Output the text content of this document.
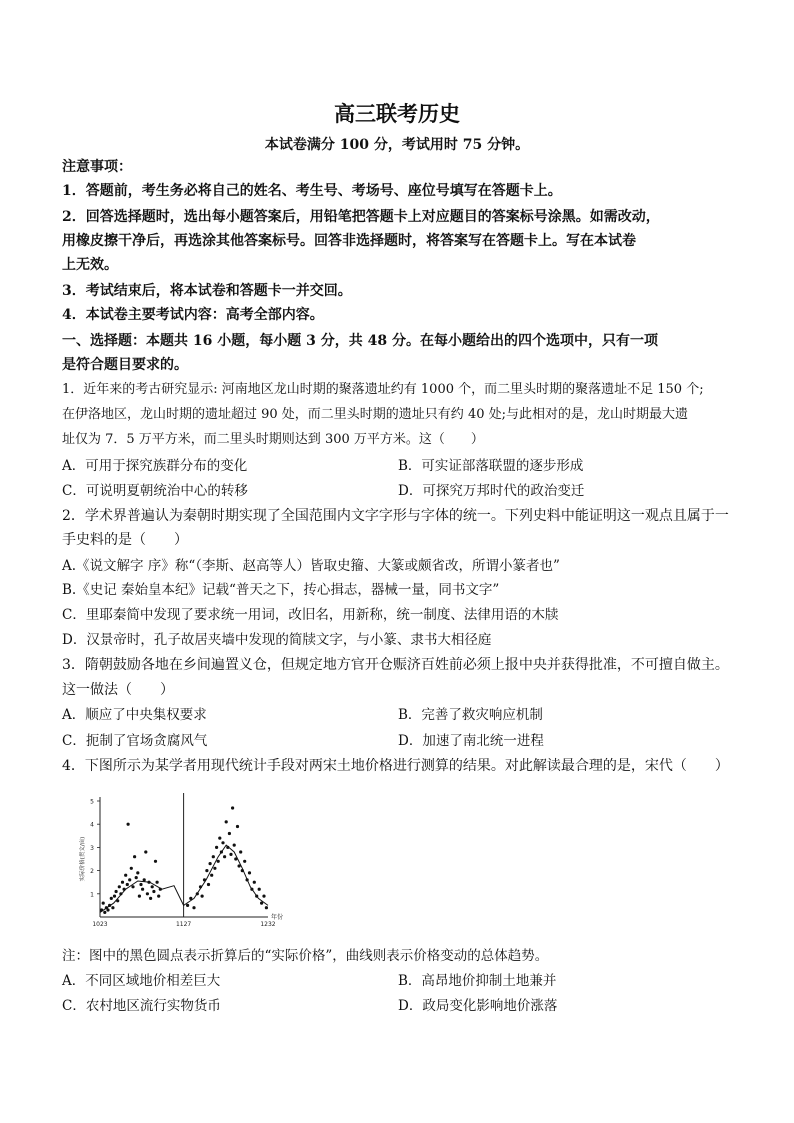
高三联考历史
本试卷满分 100 分，考试用时 75 分钟。
注意事项：
1．答题前，考生务必将自己的姓名、考生号、考场号、座位号填写在答题卡上。
2．回答选择题时，选出每小题答案后，用铅笔把答题卡上对应题目的答案标号涂黑。如需改动，
用橡皮擦干净后，再选涂其他答案标号。回答非选择题时，将答案写在答题卡上。写在本试卷
上无效。
3．考试结束后，将本试卷和答题卡一并交回。
4．本试卷主要考试内容：高考全部内容。
一、选择题：本题共 16 小题，每小题 3 分，共 48 分。在每小题给出的四个选项中，只有一项
是符合题目要求的。
1．近年来的考古研究显示: 河南地区龙山时期的聚落遗址约有 1000 个，而二里头时期的聚落遗址不足 150 个;
在伊洛地区，龙山时期的遗址超过 90 处，而二里头时期的遗址只有约 40 处;与此相对的是，龙山时期最大遗
址仅为 7．5 万平方米，而二里头时期则达到 300 万平方米。这（　　）
A．可用于探究族群分布的变化	B．可实证部落联盟的逐步形成
C．可说明夏朝统治中心的转移	D．可探究万邦时代的政治变迁
2．学术界普遍认为秦朝时期实现了全国范围内文字字形与字体的统一。下列史料中能证明这一观点且属于一
手史料的是（　　）
A.《说文解字 序》称“（李斯、赵高等人）皆取史籀、大篆或颇省改，所谓小篆者也”
B.《史记 秦始皇本纪》记载“普天之下，抟心揖志，器械一量，同书文字”
C．里耶秦简中发现了要求统一用词，改旧名，用新称，统一制度、法律用语的木牍
D．汉景帝时，孔子故居夹墙中发现的简牍文字，与小篆、隶书大相径庭
3．隋朝鼓励各地在乡间遍置义仓，但规定地方官开仓赈济百姓前必须上报中央并获得批准，不可擅自做主。
这一做法（　　）
A．顺应了中央集权要求	B．完善了救灾响应机制
C．扼制了官场贪腐风气	D．加速了南北统一进程
4．下图所示为某学者用现代统计手段对两宋土地价格进行测算的结果。对此解读最合理的是，宋代（　　）
1
2
3
4
5
1023	1127	1232
年份
实际价格(贯文/亩)
注：图中的黑色圆点表示折算后的“实际价格”，曲线则表示价格变动的总体趋势。
A．不同区域地价相差巨大	B．高昂地价抑制土地兼并
C．农村地区流行实物货币	D．政局变化影响地价涨落
